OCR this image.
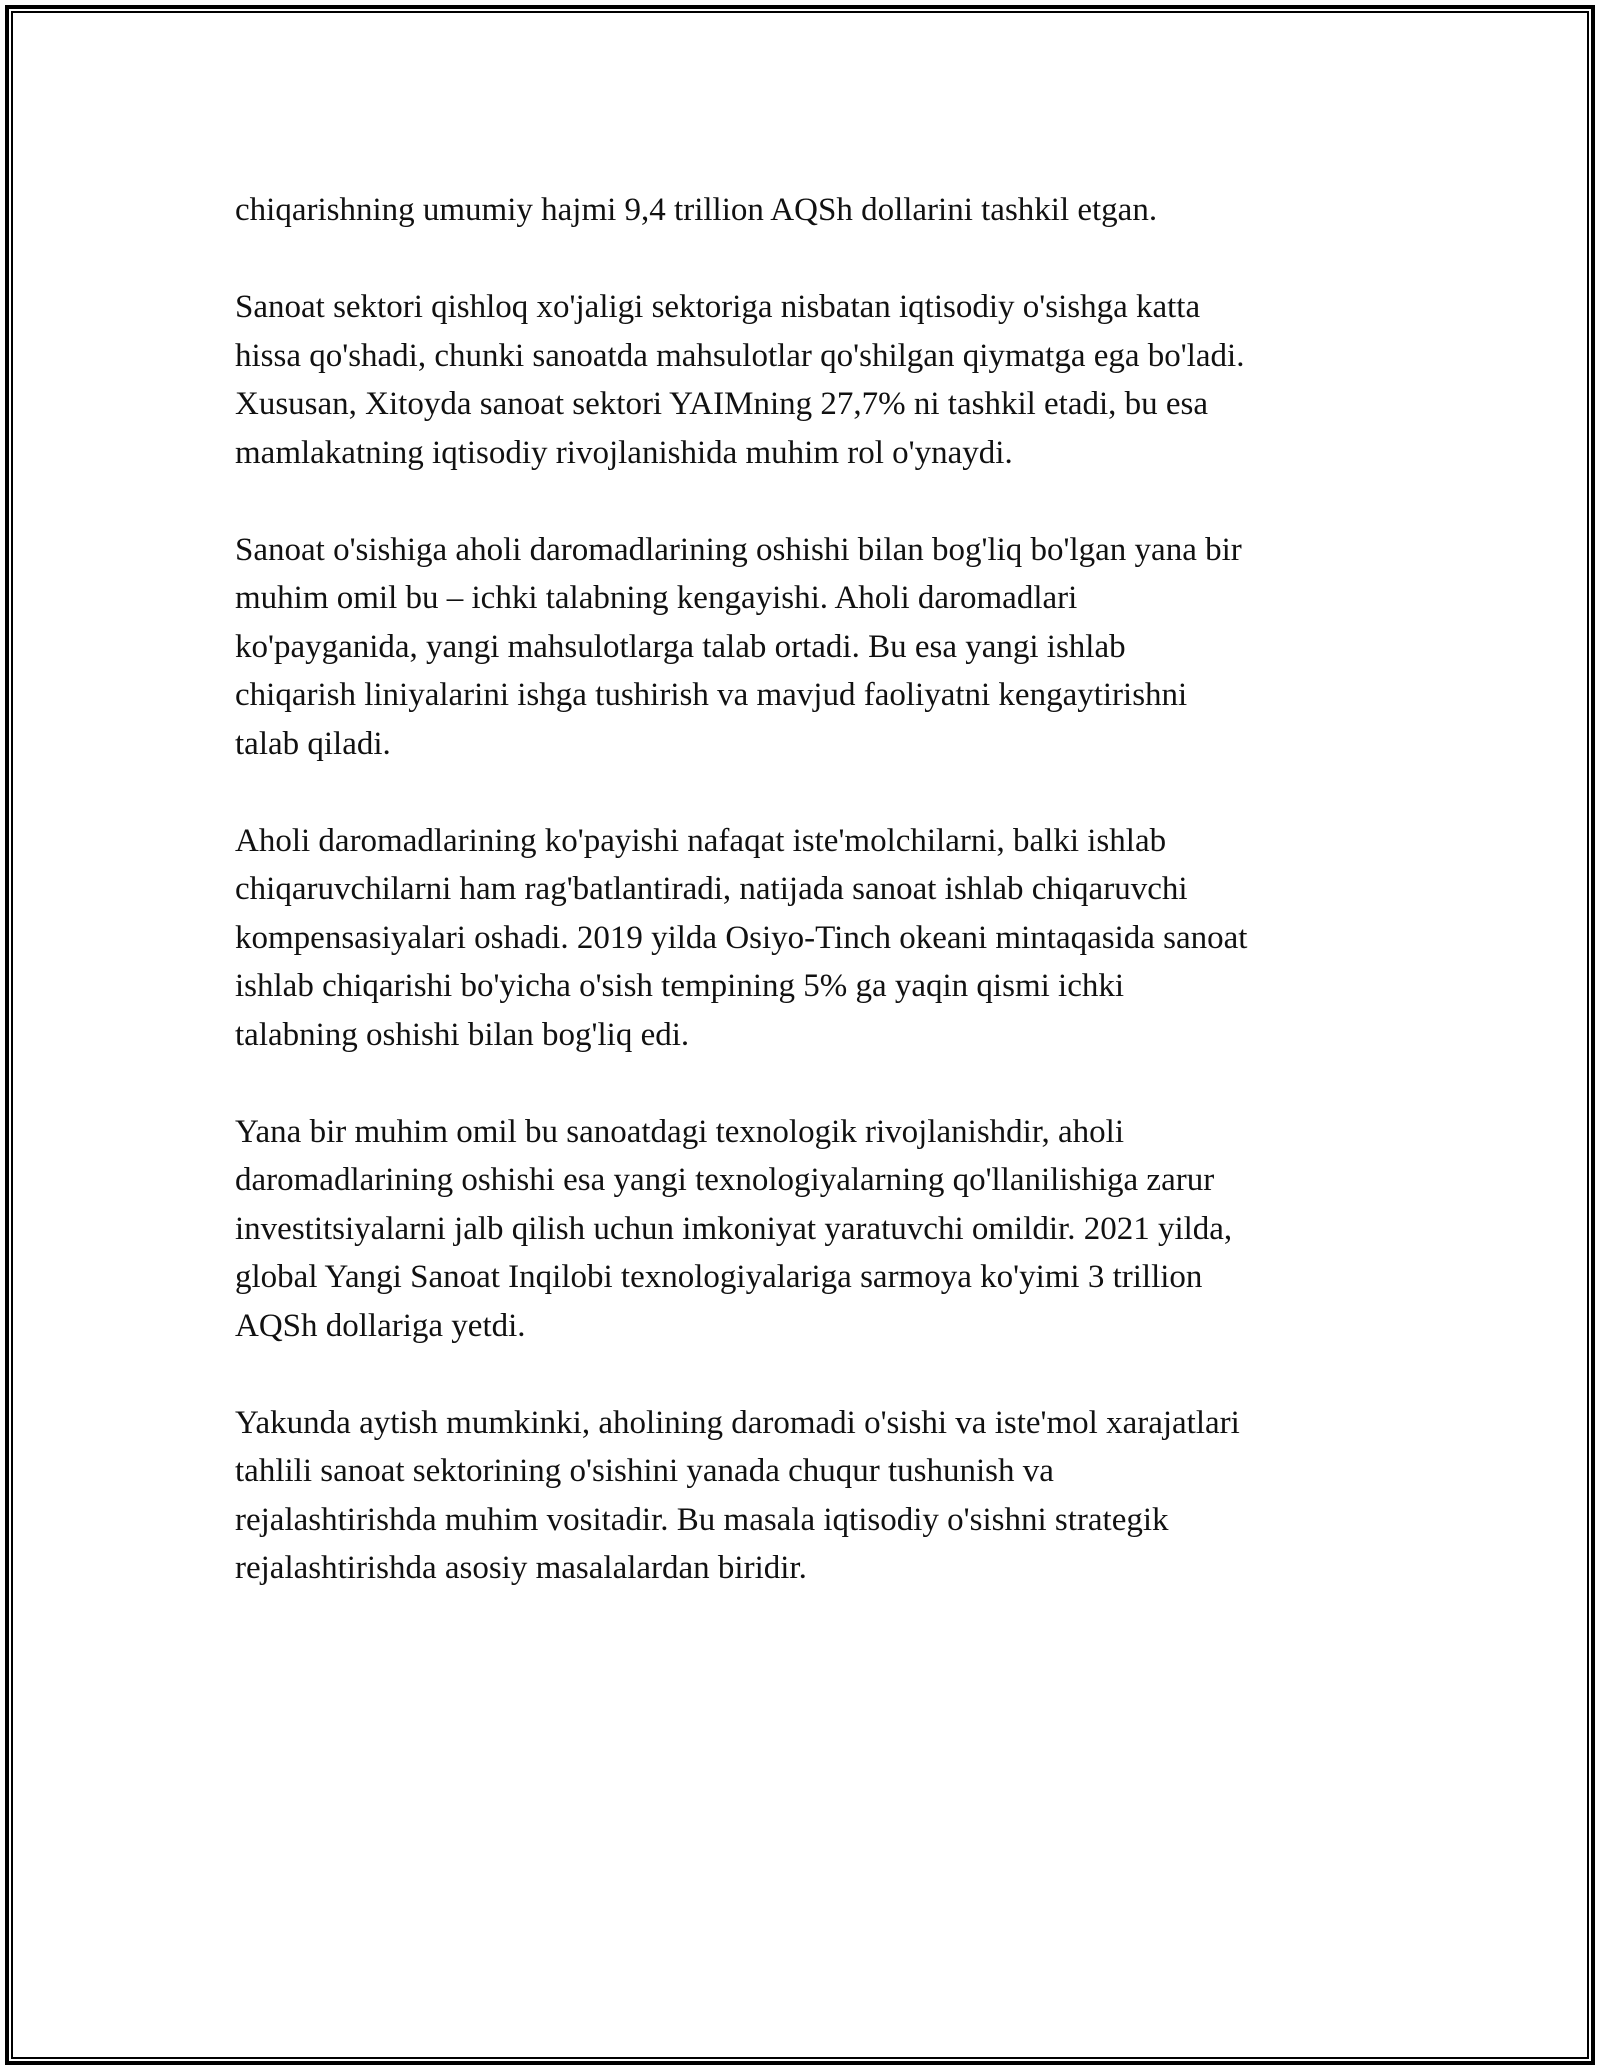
chiqarishning umumiy hajmi 9,4 trillion AQSh dollarini tashkil etgan.

Sanoat sektori qishloq xo'jaligi sektoriga nisbatan iqtisodiy o'sishga katta
hissa qo'shadi, chunki sanoatda mahsulotlar qo'shilgan qiymatga ega bo'ladi.
Xususan, Xitoyda sanoat sektori YAIMning 27,7% ni tashkil etadi, bu esa
mamlakatning iqtisodiy rivojlanishida muhim rol o'ynaydi.

Sanoat o'sishiga aholi daromadlarining oshishi bilan bog'liq bo'lgan yana bir
muhim omil bu – ichki talabning kengayishi. Aholi daromadlari
ko'payganida, yangi mahsulotlarga talab ortadi. Bu esa yangi ishlab
chiqarish liniyalarini ishga tushirish va mavjud faoliyatni kengaytirishni
talab qiladi.

Aholi daromadlarining ko'payishi nafaqat iste'molchilarni, balki ishlab
chiqaruvchilarni ham rag'batlantiradi, natijada sanoat ishlab chiqaruvchi
kompensasiyalari oshadi. 2019 yilda Osiyo-Tinch okeani mintaqasida sanoat
ishlab chiqarishi bo'yicha o'sish tempining 5% ga yaqin qismi ichki
talabning oshishi bilan bog'liq edi.

Yana bir muhim omil bu sanoatdagi texnologik rivojlanishdir, aholi
daromadlarining oshishi esa yangi texnologiyalarning qo'llanilishiga zarur
investitsiyalarni jalb qilish uchun imkoniyat yaratuvchi omildir. 2021 yilda,
global Yangi Sanoat Inqilobi texnologiyalariga sarmoya ko'yimi 3 trillion
AQSh dollariga yetdi.

Yakunda aytish mumkinki, aholining daromadi o'sishi va iste'mol xarajatlari
tahlili sanoat sektorining o'sishini yanada chuqur tushunish va
rejalashtirishda muhim vositadir. Bu masala iqtisodiy o'sishni strategik
rejalashtirishda asosiy masalalardan biridir.
